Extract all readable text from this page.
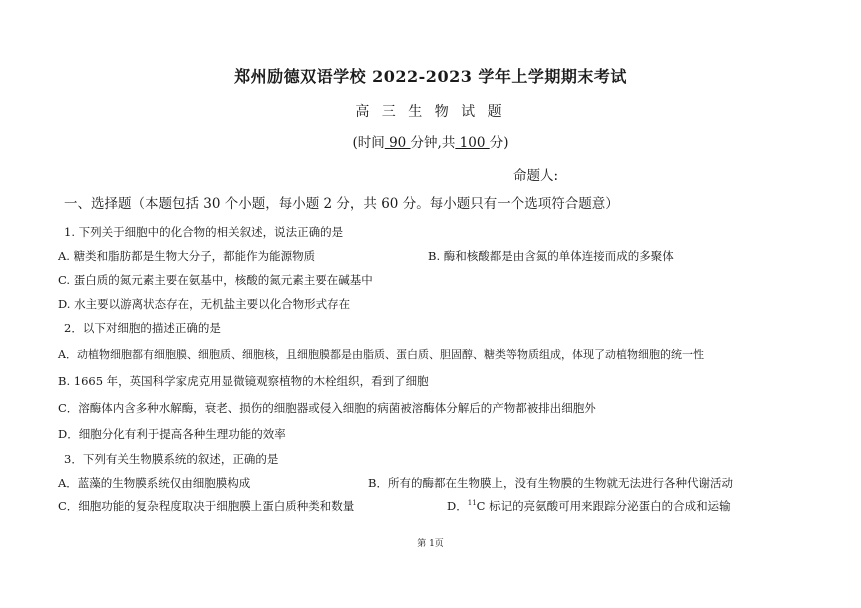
郑州励德双语学校 2022-2023 学年上学期期末考试
高 三 生 物 试 题
(时间 90 分钟,共 100 分)
命题人:
一、选择题（本题包括 30 个小题，每小题 2 分，共 60 分。每小题只有一个选项符合题意）
1. 下列关于细胞中的化合物的相关叙述，说法正确的是
A. 糖类和脂肪都是生物大分子，都能作为能源物质	B. 酶和核酸都是由含氮的单体连接而成的多聚体
C. 蛋白质的氮元素主要在氨基中，核酸的氮元素主要在碱基中
D. 水主要以游离状态存在，无机盐主要以化合物形式存在
2．以下对细胞的描述正确的是
A．动植物细胞都有细胞膜、细胞质、细胞核，且细胞膜都是由脂质、蛋白质、胆固醇、糖类等物质组成，体现了动植物细胞的统一性
B. 1665 年，英国科学家虎克用显微镜观察植物的木栓组织，看到了细胞
C．溶酶体内含多种水解酶，衰老、损伤的细胞器或侵入细胞的病菌被溶酶体分解后的产物都被排出细胞外
D．细胞分化有利于提高各种生理功能的效率
3．下列有关生物膜系统的叙述，正确的是
A．蓝藻的生物膜系统仅由细胞膜构成	B．所有的酶都在生物膜上，没有生物膜的生物就无法进行各种代谢活动
C．细胞功能的复杂程度取决于细胞膜上蛋白质种类和数量	D．$^{11}$C 标记的亮氨酸可用来跟踪分泌蛋白的合成和运输
第 1页
